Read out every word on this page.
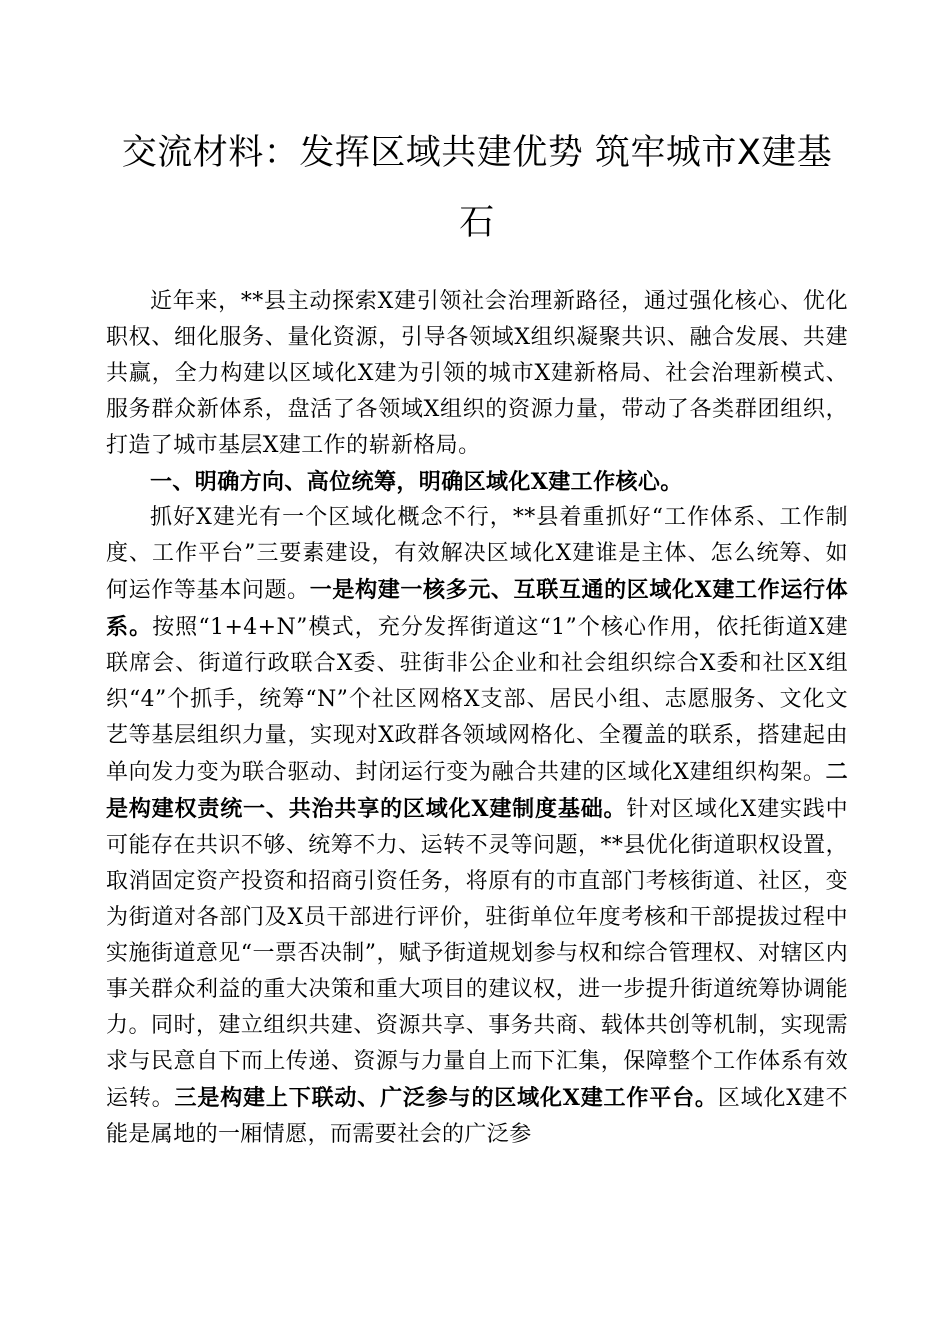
交流材料：发挥区域共建优势 筑牢城市Ⅹ建基石

近年来，**县主动探索Ⅹ建引领社会治理新路径，通过强化核心、优化职权、细化服务、量化资源，引导各领域Ⅹ组织凝聚共识、融合发展、共建共赢，全力构建以区域化Ⅹ建为引领的城市Ⅹ建新格局、社会治理新模式、服务群众新体系，盘活了各领域Ⅹ组织的资源力量，带动了各类群团组织，打造了城市基层Ⅹ建工作的崭新格局。

一、明确方向、高位统筹，明确区域化Ⅹ建工作核心。

抓好Ⅹ建光有一个区域化概念不行，**县着重抓好“工作体系、工作制度、工作平台”三要素建设，有效解决区域化Ⅹ建谁是主体、怎么统筹、如何运作等基本问题。一是构建一核多元、互联互通的区域化Ⅹ建工作运行体系。按照“1+4+N”模式，充分发挥街道这“1”个核心作用，依托街道Ⅹ建联席会、街道行政联合Ⅹ委、驻街非公企业和社会组织综合Ⅹ委和社区Ⅹ组织“4”个抓手，统筹“N”个社区网格Ⅹ支部、居民小组、志愿服务、文化文艺等基层组织力量，实现对Ⅹ政群各领域网格化、全覆盖的联系，搭建起由单向发力变为联合驱动、封闭运行变为融合共建的区域化Ⅹ建组织构架。二是构建权责统一、共治共享的区域化Ⅹ建制度基础。针对区域化Ⅹ建实践中可能存在共识不够、统筹不力、运转不灵等问题，**县优化街道职权设置，取消固定资产投资和招商引资任务，将原有的市直部门考核街道、社区，变为街道对各部门及Ⅹ员干部进行评价，驻街单位年度考核和干部提拔过程中实施街道意见“一票否决制”，赋予街道规划参与权和综合管理权、对辖区内事关群众利益的重大决策和重大项目的建议权，进一步提升街道统筹协调能力。同时，建立组织共建、资源共享、事务共商、载体共创等机制，实现需求与民意自下而上传递、资源与力量自上而下汇集，保障整个工作体系有效运转。三是构建上下联动、广泛参与的区域化Ⅹ建工作平台。区域化Ⅹ建不能是属地的一厢情愿，而需要社会的广泛参
